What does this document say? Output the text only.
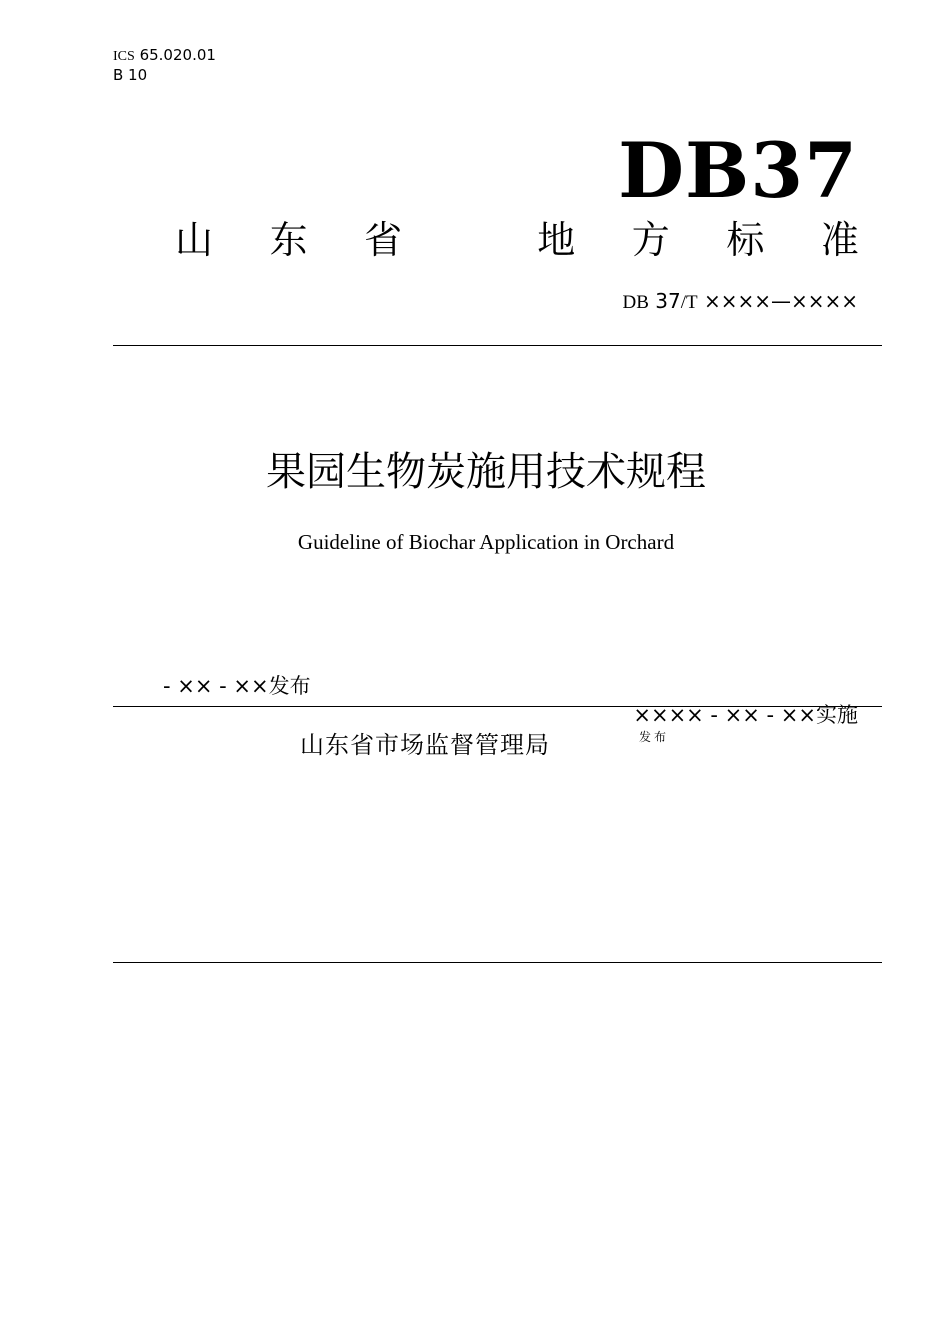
ICS 65.020.01
B 10
DB37
山 东 省	地 方 标 准
DB 37/T ××××—××××
果园生物炭施用技术规程
Guideline of Biochar Application in Orchard
- ×× - ××发布
×××× - ×× - ××实施
山东省市场监督管理局	发布
